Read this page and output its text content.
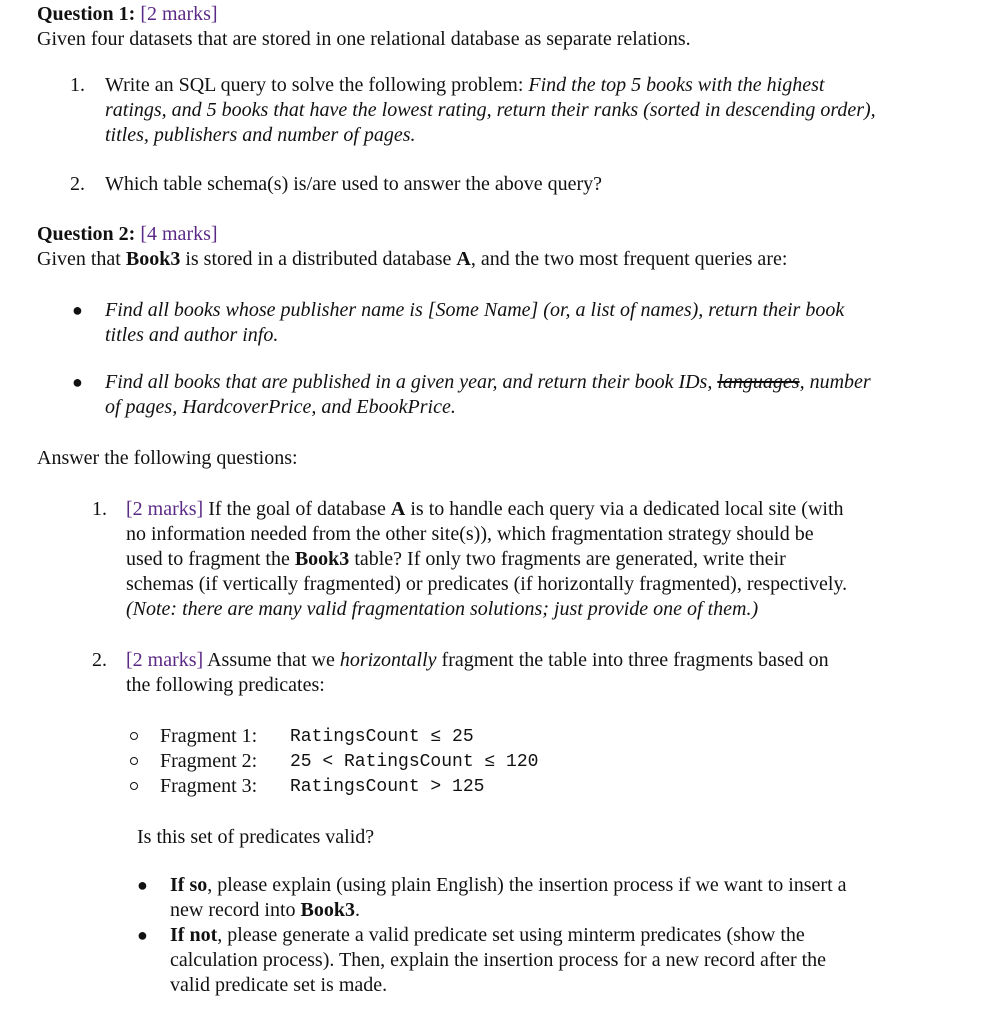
Question 1: [2 marks]
Given four datasets that are stored in one relational database as separate relations.
1. Write an SQL query to solve the following problem: Find the top 5 books with the highest
ratings, and 5 books that have the lowest rating, return their ranks (sorted in descending order),
titles, publishers and number of pages.
2. Which table schema(s) is/are used to answer the above query?
Question 2: [4 marks]
Given that Book3 is stored in a distributed database A, and the two most frequent queries are:
● Find all books whose publisher name is [Some Name] (or, a list of names), return their book
titles and author info.
● Find all books that are published in a given year, and return their book IDs, languages, number
of pages, HardcoverPrice, and EbookPrice.
Answer the following questions:
1. [2 marks] If the goal of database A is to handle each query via a dedicated local site (with
no information needed from the other site(s)), which fragmentation strategy should be
used to fragment the Book3 table? If only two fragments are generated, write their
schemas (if vertically fragmented) or predicates (if horizontally fragmented), respectively.
(Note: there are many valid fragmentation solutions; just provide one of them.)
2. [2 marks] Assume that we horizontally fragment the table into three fragments based on
the following predicates:
Fragment 1: RatingsCount ≤ 25
Fragment 2: 25 < RatingsCount ≤ 120
Fragment 3: RatingsCount > 125
Is this set of predicates valid?
● If so, please explain (using plain English) the insertion process if we want to insert a
new record into Book3.
● If not, please generate a valid predicate set using minterm predicates (show the
calculation process). Then, explain the insertion process for a new record after the
valid predicate set is made.
